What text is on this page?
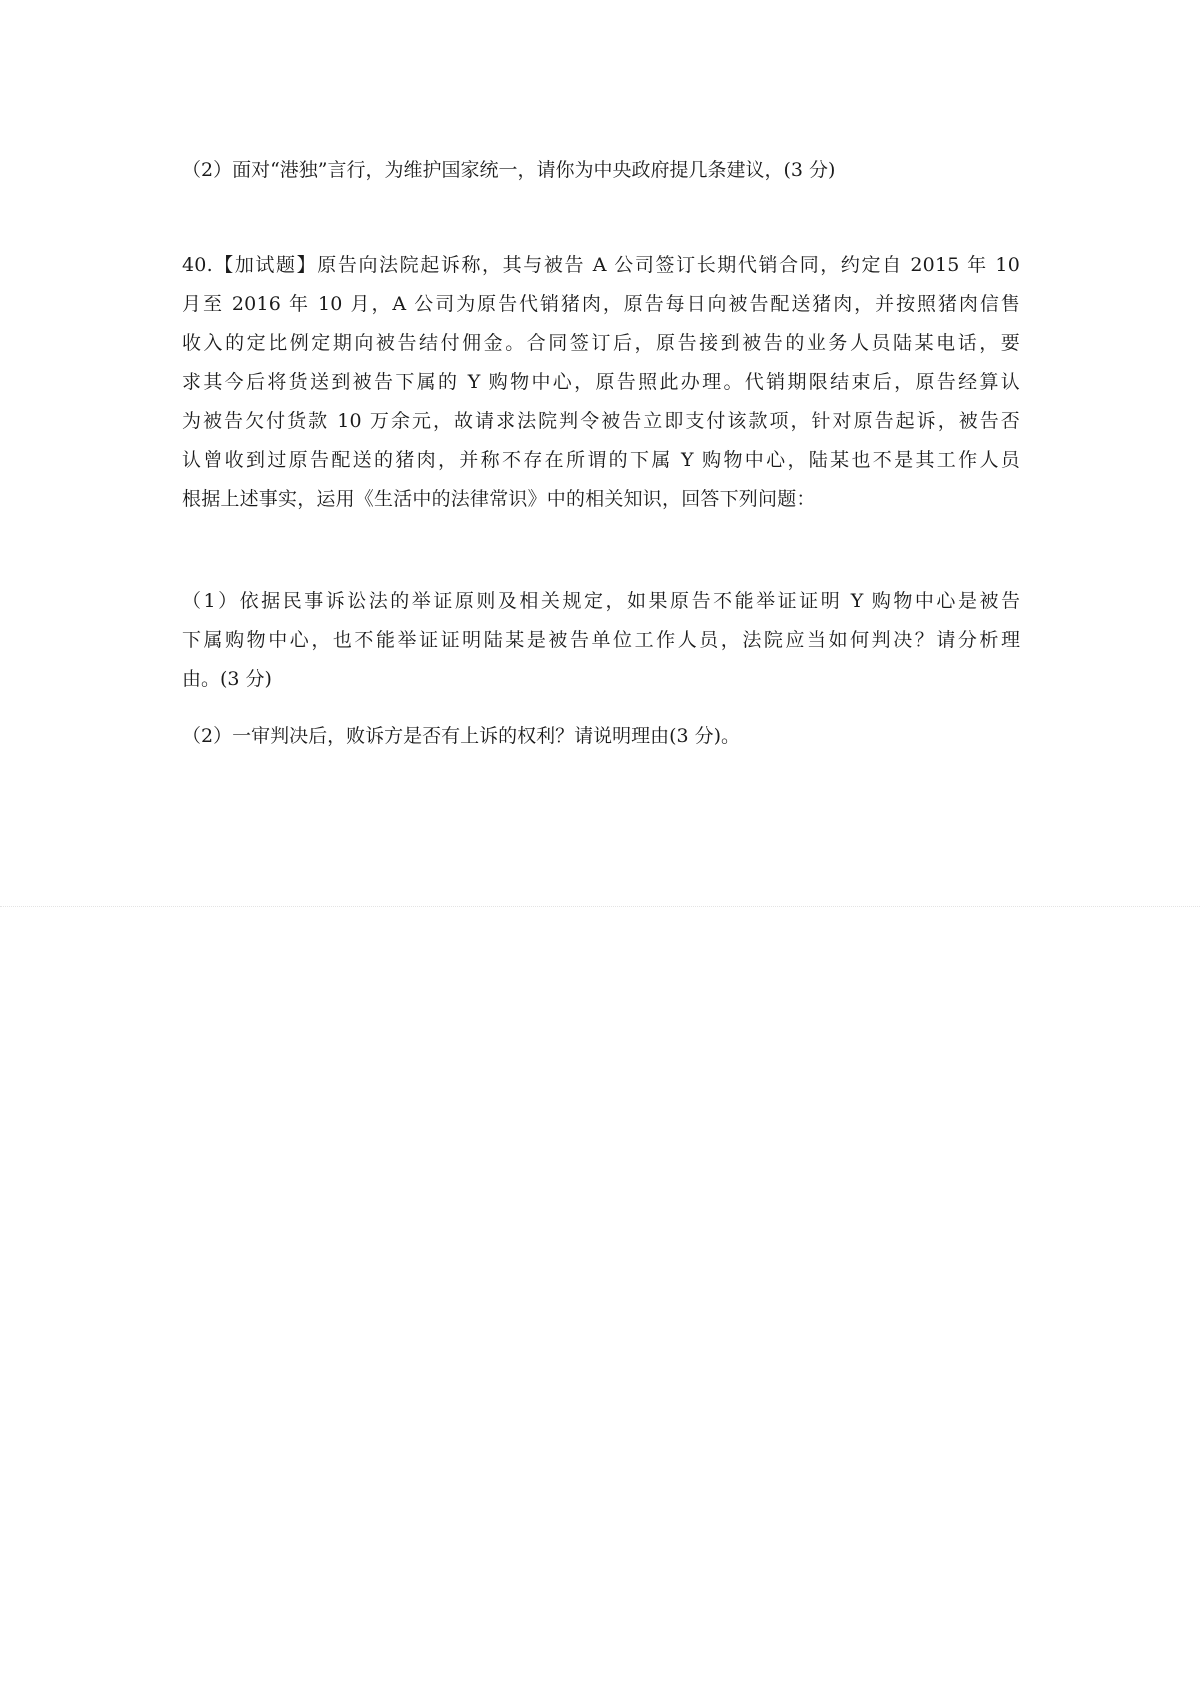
（2）面对“港独”言行，为维护国家统一，请你为中央政府提几条建议，(3 分)
40.【加试题】原告向法院起诉称，其与被告 A 公司签订长期代销合同，约定自 2015 年 10
月至 2016 年 10 月，A 公司为原告代销猪肉，原告每日向被告配送猪肉，并按照猪肉信售
收入的定比例定期向被告结付佣金。合同签订后，原告接到被告的业务人员陆某电话，要
求其今后将货送到被告下属的 Y 购物中心，原告照此办理。代销期限结束后，原告经算认
为被告欠付货款 10 万余元，故请求法院判令被告立即支付该款项，针对原告起诉，被告否
认曾收到过原告配送的猪肉，并称不存在所谓的下属 Y 购物中心，陆某也不是其工作人员
根据上述事实，运用《生活中的法律常识》中的相关知识，回答下列问题：
（1）依据民事诉讼法的举证原则及相关规定，如果原告不能举证证明 Y 购物中心是被告
下属购物中心，也不能举证证明陆某是被告单位工作人员，法院应当如何判决？请分析理
由。(3 分)
（2）一审判决后，败诉方是否有上诉的权利？请说明理由(3 分)。
